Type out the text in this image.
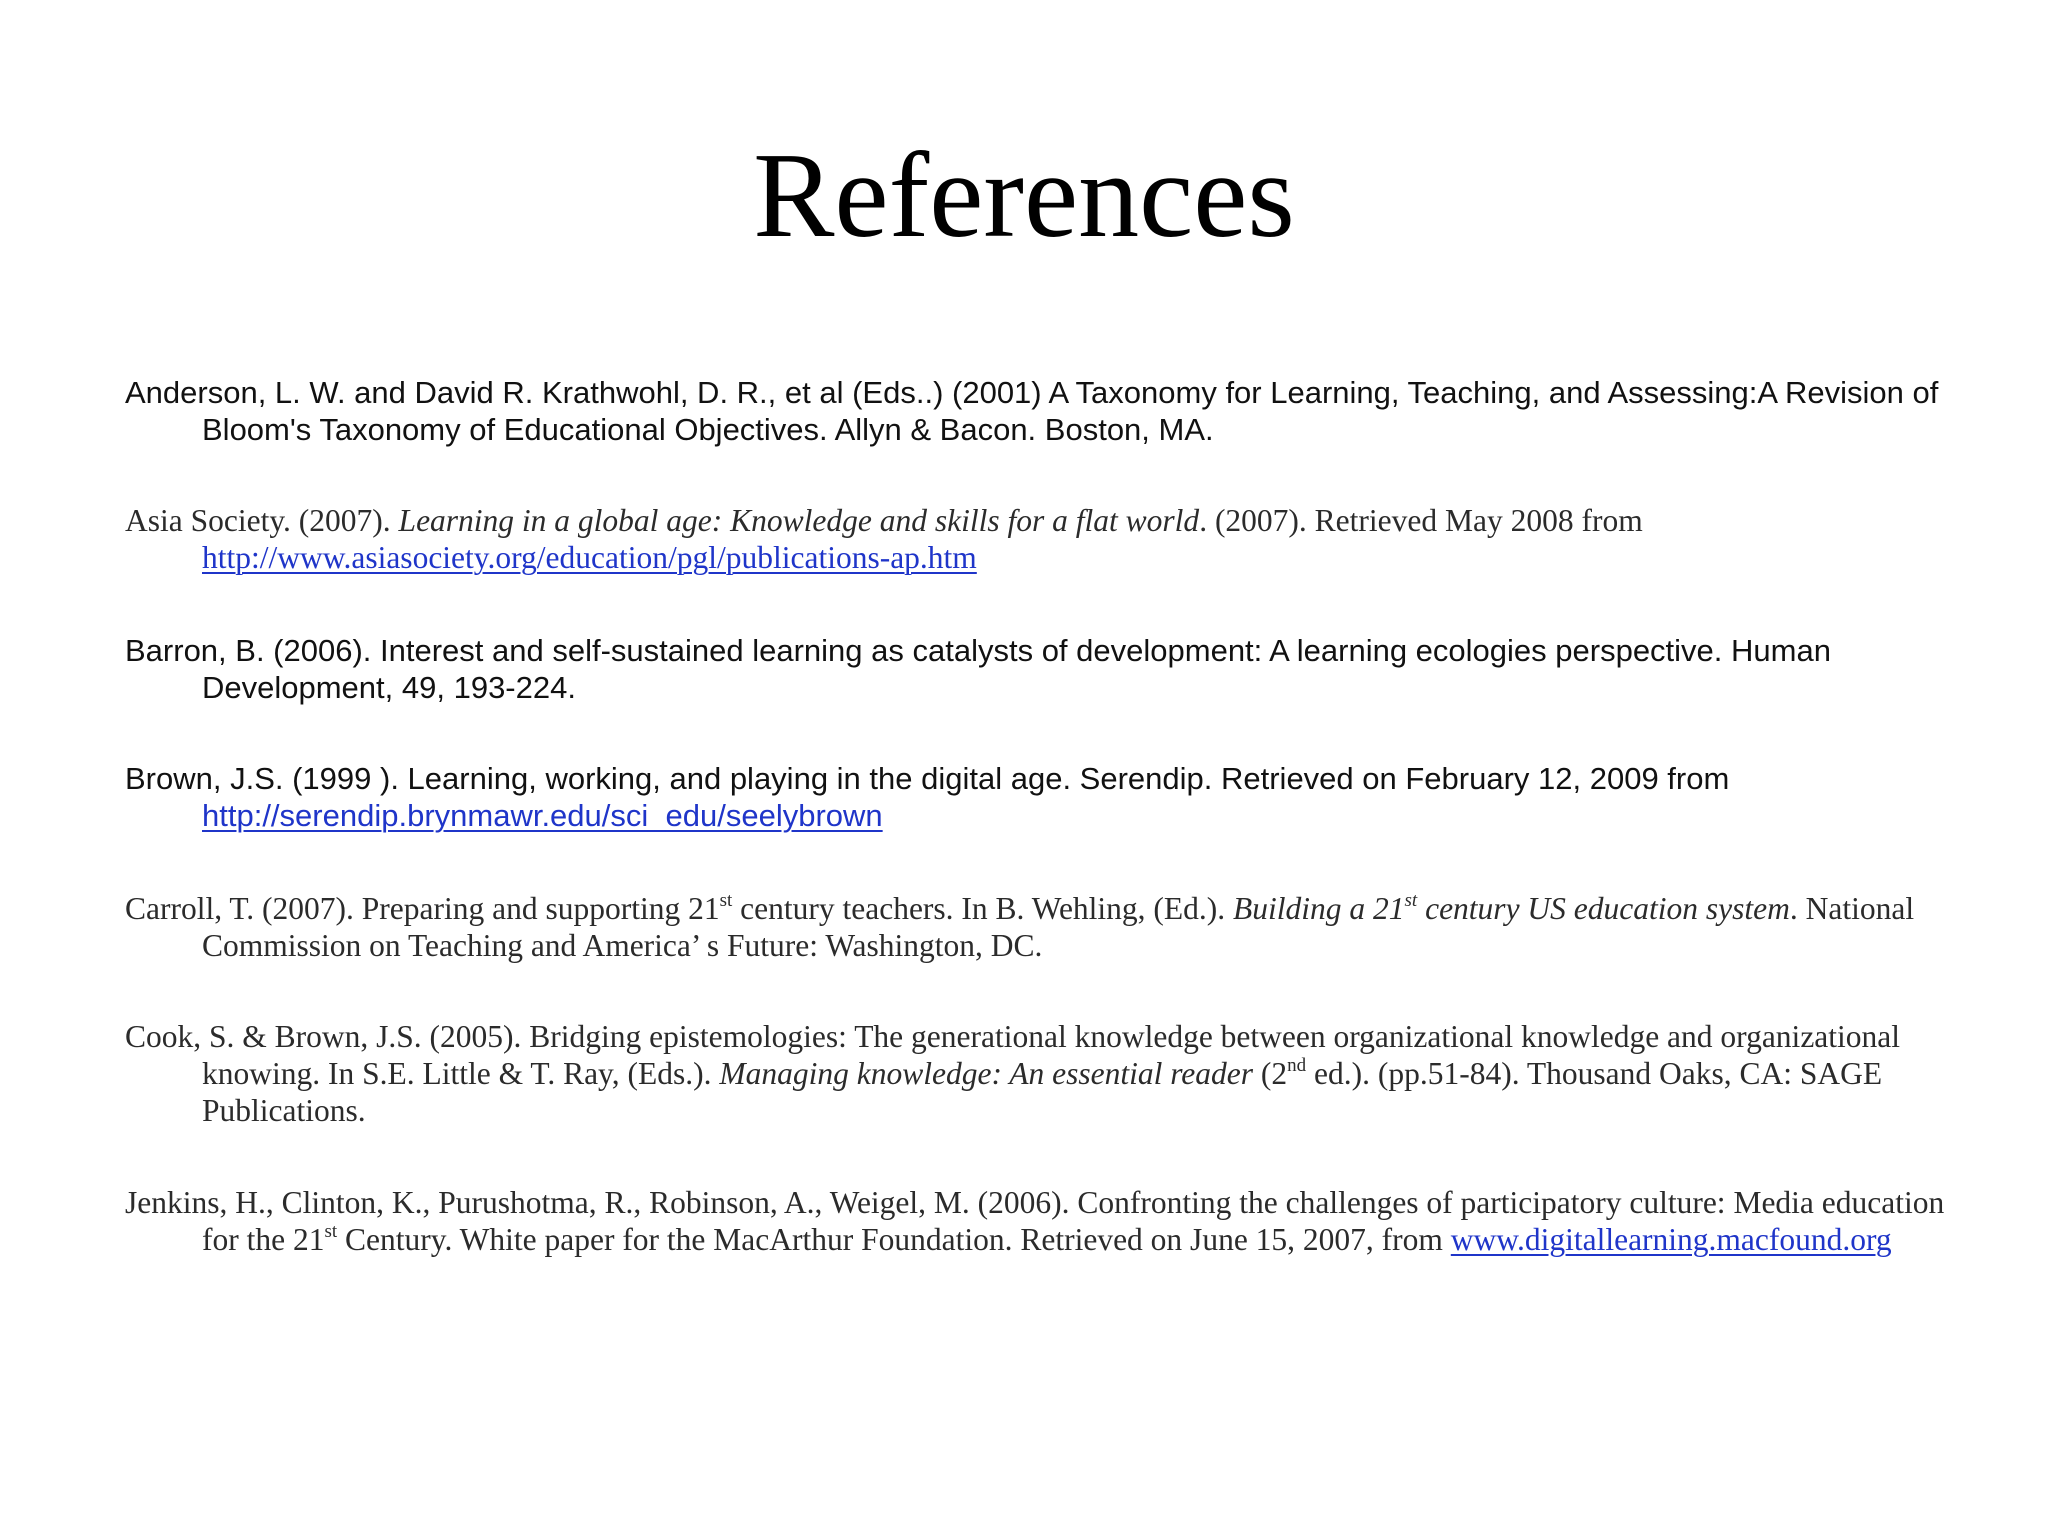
References
Anderson, L. W. and David R. Krathwohl, D. R., et al (Eds..) (2001) A Taxonomy for Learning, Teaching, and Assessing:A Revision of Bloom's Taxonomy of Educational Objectives. Allyn & Bacon. Boston, MA.
Asia Society. (2007). Learning in a global age: Knowledge and skills for a flat world. (2007). Retrieved May 2008 from http://www.asiasociety.org/education/pgl/publications-ap.htm
Barron, B. (2006). Interest and self-sustained learning as catalysts of development: A learning ecologies perspective. Human Development, 49, 193-224.
Brown, J.S. (1999 ). Learning, working, and playing in the digital age. Serendip. Retrieved on February 12, 2009 from http://serendip.brynmawr.edu/sci_edu/seelybrown
Carroll, T. (2007). Preparing and supporting 21st century teachers. In B. Wehling, (Ed.). Building a 21st century US education system. National Commission on Teaching and America’ s Future: Washington, DC.
Cook, S. & Brown, J.S. (2005). Bridging epistemologies: The generational knowledge between organizational knowledge and organizational knowing. In S.E. Little & T. Ray, (Eds.). Managing knowledge: An essential reader (2nd ed.). (pp.51-84). Thousand Oaks, CA: SAGE Publications.
Jenkins, H., Clinton, K., Purushotma, R., Robinson, A., Weigel, M. (2006). Confronting the challenges of participatory culture: Media education for the 21st Century. White paper for the MacArthur Foundation. Retrieved on June 15, 2007, from www.digitallearning.macfound.org
